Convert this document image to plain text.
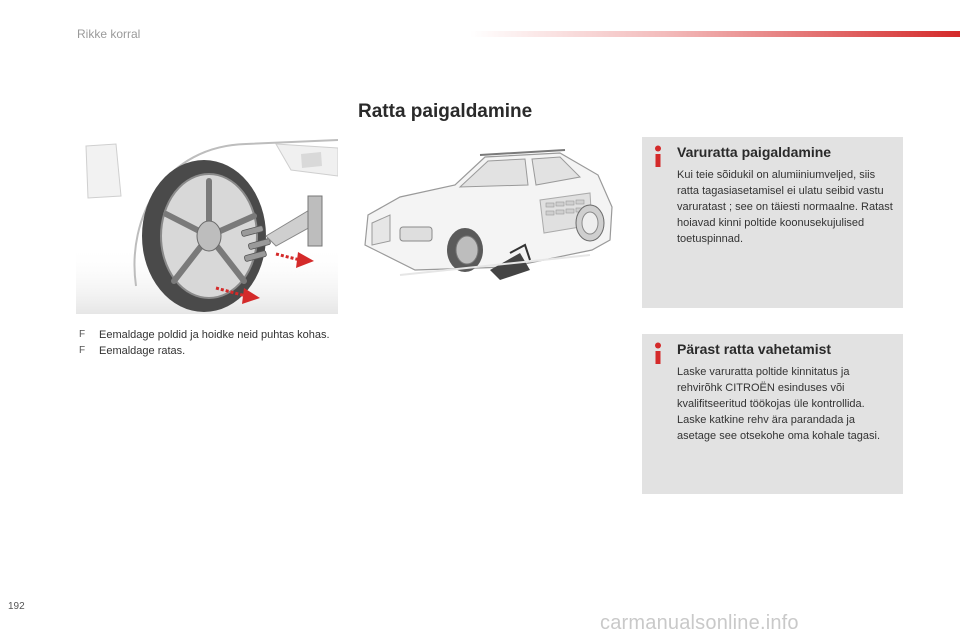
Rikke korral
Ratta paigaldamine
F	Eemaldage poldid ja hoidke neid puhtas kohas.
F	Eemaldage ratas.
Varuratta paigaldamine
Kui teie sõidukil on alumiiniumveljed, siis ratta tagasiasetamisel ei ulatu seibid vastu varuratast ; see on täiesti normaalne. Ratast hoiavad kinni poltide koonusekujulised toetuspinnad.
Pärast ratta vahetamist
Laske varuratta poltide kinnitatus ja rehvirõhk CITROËN esinduses või kvalifitseeritud töökojas üle kontrollida. Laske katkine rehv ära parandada ja asetage see otsekohe oma kohale tagasi.
192
carmanualsonline.info
